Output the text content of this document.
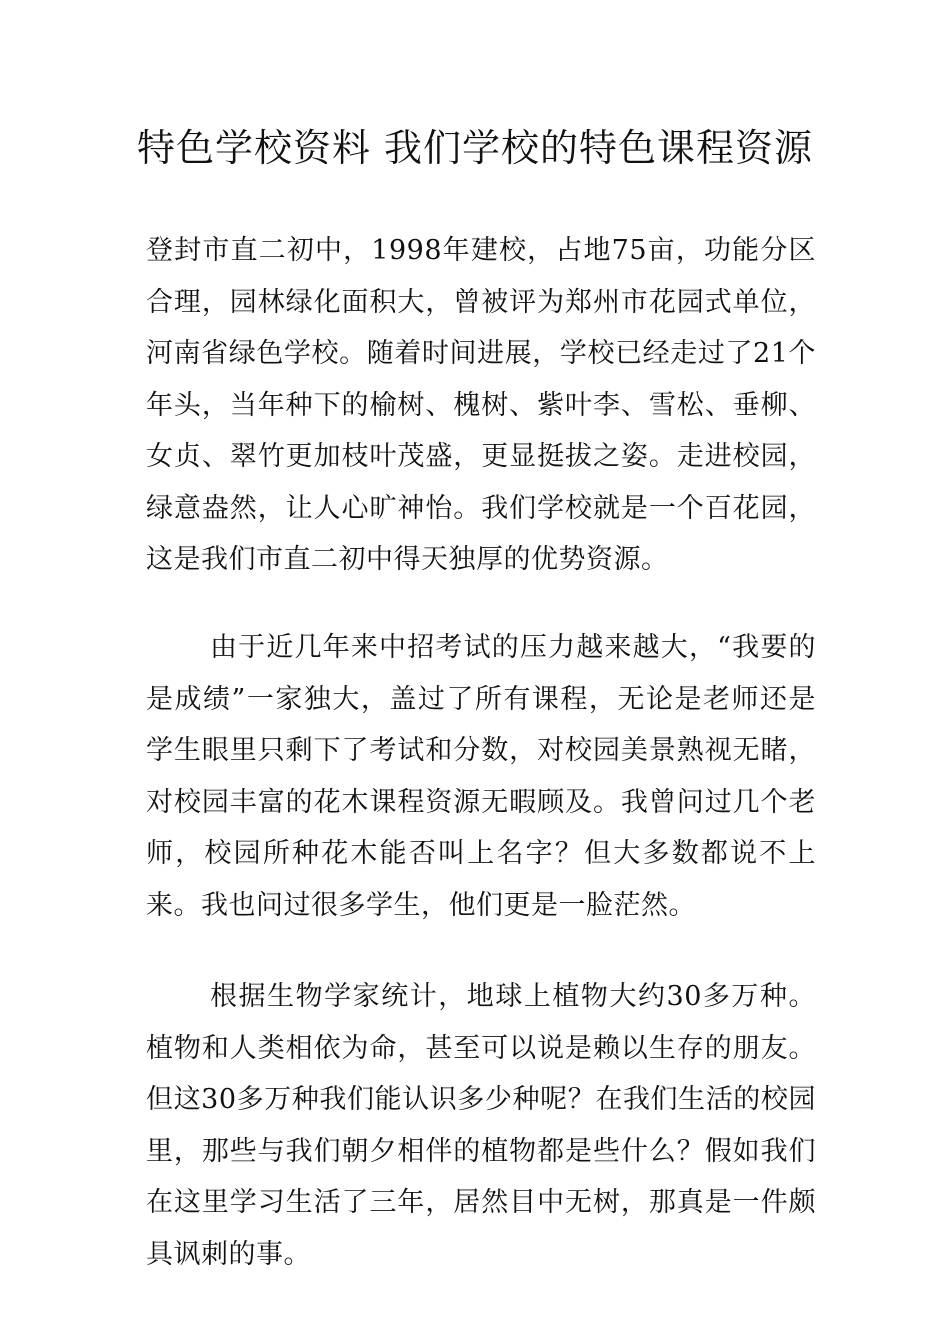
特色学校资料 我们学校的特色课程资源

登封市直二初中，1998年建校，占地75亩，功能分区合理，园林绿化面积大，曾被评为郑州市花园式单位，河南省绿色学校。随着时间进展，学校已经走过了21个年头，当年种下的榆树、槐树、紫叶李、雪松、垂柳、女贞、翠竹更加枝叶茂盛，更显挺拔之姿。走进校园，绿意盎然，让人心旷神怡。我们学校就是一个百花园，这是我们市直二初中得天独厚的优势资源。

由于近几年来中招考试的压力越来越大，“我要的是成绩”一家独大，盖过了所有课程，无论是老师还是学生眼里只剩下了考试和分数，对校园美景熟视无睹，对校园丰富的花木课程资源无暇顾及。我曾问过几个老师，校园所种花木能否叫上名字？但大多数都说不上来。我也问过很多学生，他们更是一脸茫然。

根据生物学家统计，地球上植物大约30多万种。植物和人类相依为命，甚至可以说是赖以生存的朋友。但这30多万种我们能认识多少种呢？在我们生活的校园里，那些与我们朝夕相伴的植物都是些什么？假如我们在这里学习生活了三年，居然目中无树，那真是一件颇具讽刺的事。
